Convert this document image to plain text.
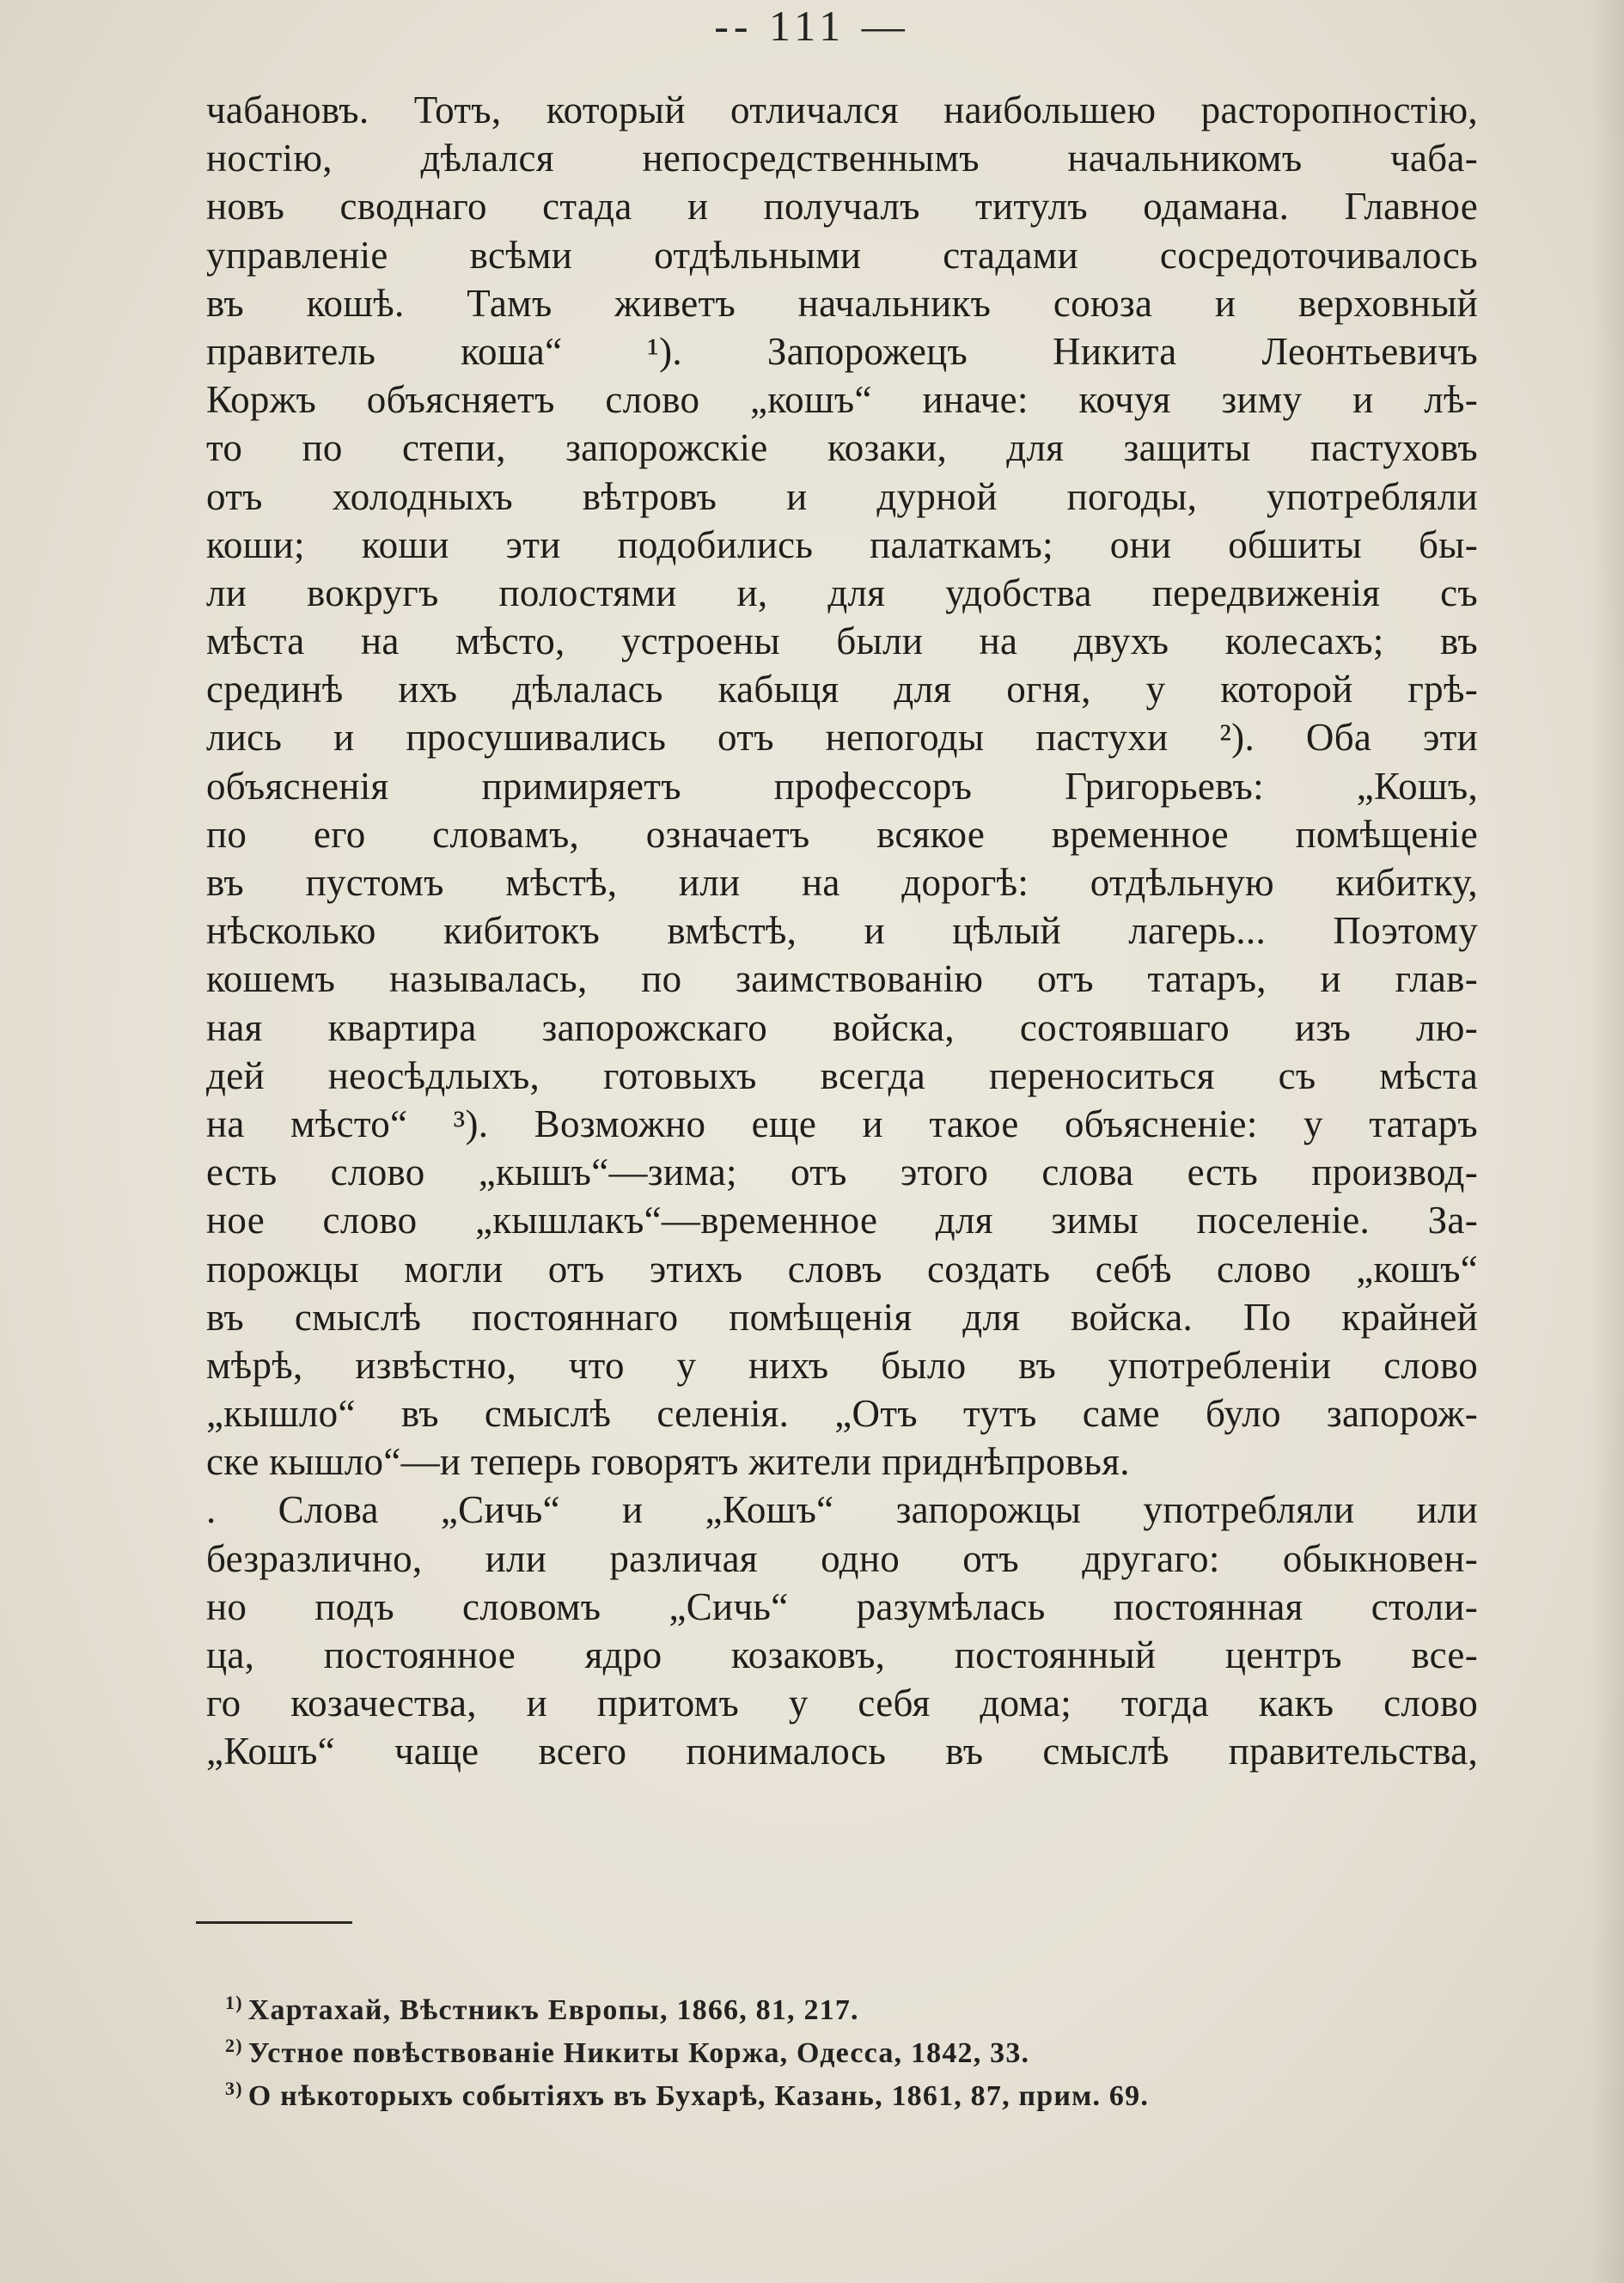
-- 111 —
чабановъ. Тотъ, который отличался наибольшею расторопностію,
ностію, дѣлался непосредственнымъ начальникомъ чаба-
новъ своднаго стада и получалъ титулъ одамана. Главное
управленіе всѣми отдѣльными стадами сосредоточивалось
въ кошѣ. Тамъ живетъ начальникъ союза и верховный
правитель коша“ ¹). Запорожецъ Никита Леонтьевичъ
Коржъ объясняетъ слово „кошъ“ иначе: кочуя зиму и лѣ-
то по степи, запорожскіе козаки, для защиты пастуховъ
отъ холодныхъ вѣтровъ и дурной погоды, употребляли
коши; коши эти подобились палаткамъ; они обшиты бы-
ли вокругъ полостями и, для удобства передвиженія съ
мѣста на мѣсто, устроены были на двухъ колесахъ; въ
срединѣ ихъ дѣлалась кабыця для огня, у которой грѣ-
лись и просушивались отъ непогоды пастухи ²). Оба эти
объясненія примиряетъ профессоръ Григорьевъ: „Кошъ,
по его словамъ, означаетъ всякое временное помѣщеніе
въ пустомъ мѣстѣ, или на дорогѣ: отдѣльную кибитку,
нѣсколько кибитокъ вмѣстѣ, и цѣлый лагерь... Поэтому
кошемъ называлась, по заимствованію отъ татаръ, и глав-
ная квартира запорожскаго войска, состоявшаго изъ лю-
дей неосѣдлыхъ, готовыхъ всегда переноситься съ мѣста
на мѣсто“ ³). Возможно еще и такое объясненіе: у татаръ
есть слово „кышъ“—зима; отъ этого слова есть производ-
ное слово „кышлакъ“—временное для зимы поселеніе. За-
порожцы могли отъ этихъ словъ создать себѣ слово „кошъ“
въ смыслѣ постояннаго помѣщенія для войска. По крайней
мѣрѣ, извѣстно, что у нихъ было въ употребленіи слово
„кышло“ въ смыслѣ селенія. „Отъ тутъ саме було запорож-
ске кышло“—и теперь говорятъ жители приднѣпровья.
. Слова „Сичь“ и „Кошъ“ запорожцы употребляли или
безразлично, или различая одно отъ другаго: обыкновен-
но подъ словомъ „Сичь“ разумѣлась постоянная столи-
ца, постоянное ядро козаковъ, постоянный центръ все-
го козачества, и притомъ у себя дома; тогда какъ слово
„Кошъ“ чаще всего понималось въ смыслѣ правительства,
$^{1)}$ Хартахай, Вѣстникъ Европы, 1866, 81, 217.
$^{2)}$ Устное повѣствованіе Никиты Коржа, Одесса, 1842, 33.
$^{3)}$ О нѣкоторыхъ событіяхъ въ Бухарѣ, Казань, 1861, 87, прим. 69.
